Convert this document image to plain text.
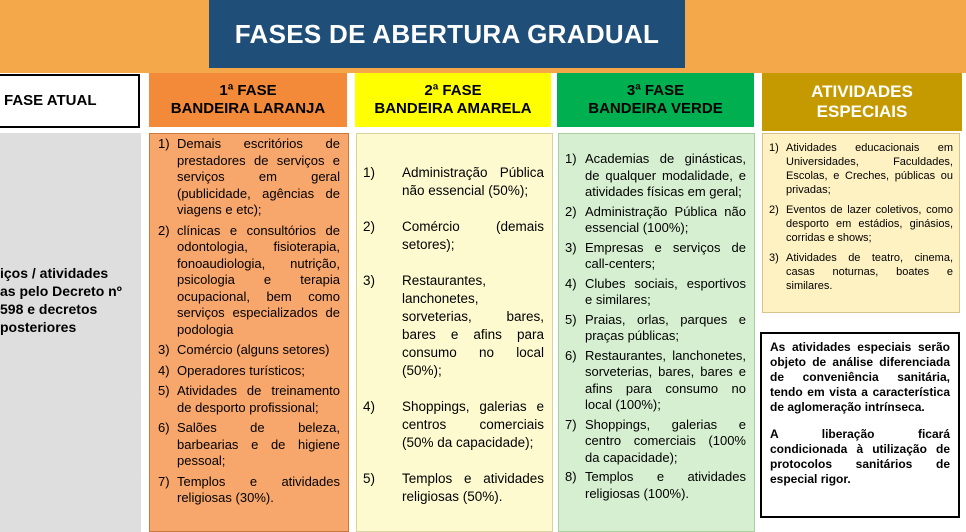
FASES DE ABERTURA GRADUAL
FASE ATUAL
1ª FASE
BANDEIRA LARANJA
2ª FASE
BANDEIRA AMARELA
3ª FASE
BANDEIRA VERDE
ATIVIDADES
ESPECIAIS
iços / atividades
as pelo Decreto nº
598 e decretos
posteriores
1) Demais escritórios de prestadores de serviços e serviços em geral (publicidade, agências de viagens e etc);
2) clínicas e consultórios de odontologia, fisioterapia, fonoaudiologia, nutrição, psicologia e terapia ocupacional, bem como serviços especializados de podologia
3) Comércio (alguns setores)
4) Operadores turísticos;
5) Atividades de treinamento de desporto profissional;
6) Salões de beleza, barbearias e de higiene pessoal;
7) Templos e atividades religiosas (30%).
1)	Administração Pública não essencial (50%);
2)	Comércio (demais setores);
3)	Restaurantes, lanchonetes, sorveterias, bares, bares e afins para consumo no local (50%);
4)	Shoppings, galerias e centros comerciais (50% da capacidade);
5)	Templos e atividades religiosas (50%).
1) Academias de ginásticas, de qualquer modalidade, e atividades físicas em geral;
2) Administração Pública não essencial (100%);
3) Empresas e serviços de call-centers;
4) Clubes sociais, esportivos e similares;
5) Praias, orlas, parques e praças públicas;
6) Restaurantes, lanchonetes, sorveterias, bares, bares e afins para consumo no local (100%);
7) Shoppings, galerias e centro comerciais (100% da capacidade);
8) Templos e atividades religiosas (100%).
1) Atividades educacionais em Universidades, Faculdades, Escolas, e Creches, públicas ou privadas;
2) Eventos de lazer coletivos, como desporto em estádios, ginásios, corridas e shows;
3) Atividades de teatro, cinema, casas noturnas, boates e similares.

As atividades especiais serão objeto de análise diferenciada de conveniência sanitária, tendo em vista a característica de aglomeração intrínseca.

A liberação ficará condicionada à utilização de protocolos sanitários de especial rigor.
